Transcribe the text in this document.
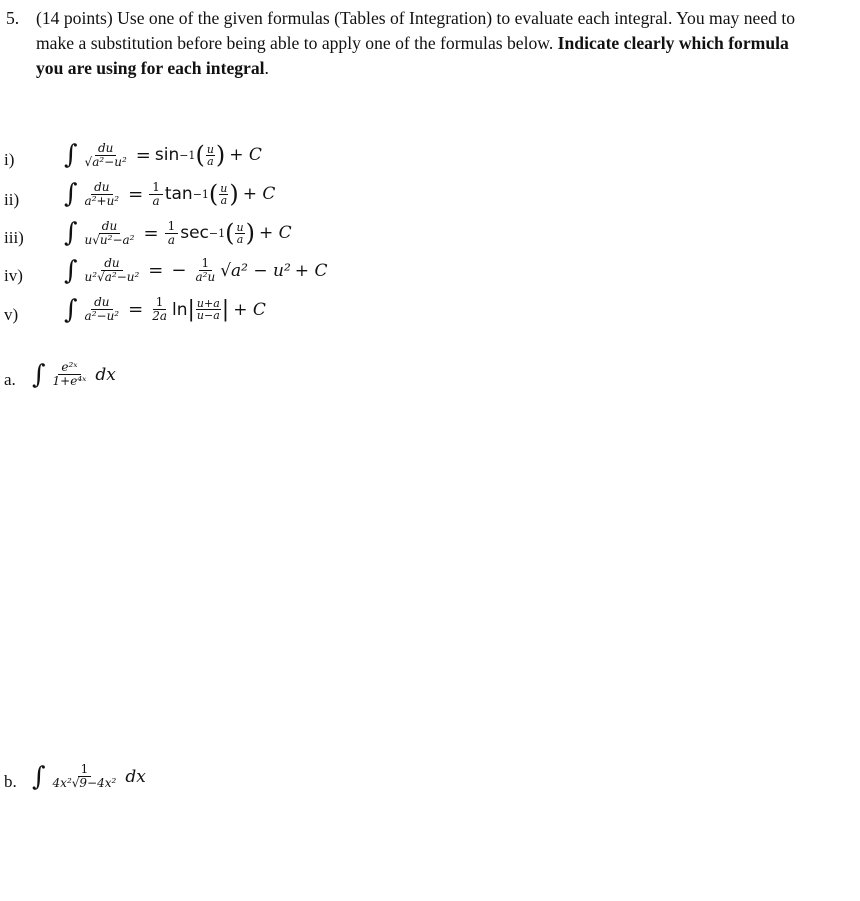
5. (14 points) Use one of the given formulas (Tables of Integration) to evaluate each integral. You may need to make a substitution before being able to apply one of the formulas below. Indicate clearly which formula you are using for each integral.
i) ∫ $\frac{du}{\text{√a²−u²}} = \sin -1$ ( $\frac{u}{a}$ ) + C
ii) ∫ $\frac{du}{\text{a²+u²}} = \frac{1}{a}$ tan −1 ( $\frac{u}{a}$ ) + C
iii) ∫ $\frac{du}{\text{u√u²−a²}} = \frac{1}{a}$ sec −1 ( $\frac{u}{a}$ ) + C
iv) ∫ $\frac{du}{\text{u²√a²−u²}}$ = − $\frac{1}{\text{a²u}} √a^2 - u^2 + C$
v) ∫ $\frac{du}{\text{a²−u²}} = \frac{1}{2a}$ ln | $\frac{u+a}{u-a}$ | + C
a. ∫ $\frac{\text{e²ˣ}}{\text{1+e⁴ˣ}}$ dx
b. ∫ $\frac{1}{\text{4x²√9−4x²}}$ dx
